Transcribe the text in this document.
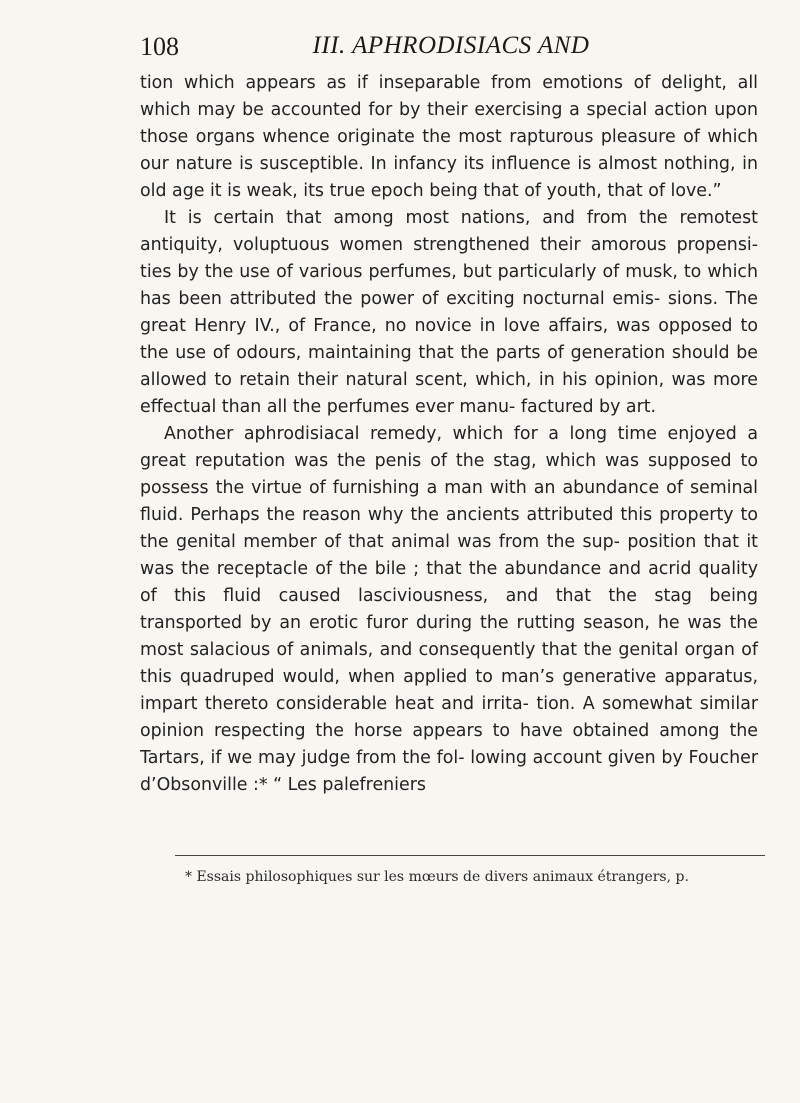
108	III. APHRODISIACS AND

tion which appears as if inseparable from emotions of delight, all which may be accounted for by their exercising a special action upon those organs whence originate the most rapturous pleasure of which our nature is susceptible. In infancy its influence is almost nothing, in old age it is weak, its true epoch being that of youth, that of love.”

It is certain that among most nations, and from the remotest antiquity, voluptuous women strengthened their amorous propensi- ties by the use of various perfumes, but particularly of musk, to which has been attributed the power of exciting nocturnal emis- sions. The great Henry IV., of France, no novice in love affairs, was opposed to the use of odours, maintaining that the parts of generation should be allowed to retain their natural scent, which, in his opinion, was more effectual than all the perfumes ever manu- factured by art.

Another aphrodisiacal remedy, which for a long time enjoyed a great reputation was the penis of the stag, which was supposed to possess the virtue of furnishing a man with an abundance of seminal fluid. Perhaps the reason why the ancients attributed this property to the genital member of that animal was from the sup- position that it was the receptacle of the bile ; that the abundance and acrid quality of this fluid caused lasciviousness, and that the stag being transported by an erotic furor during the rutting season, he was the most salacious of animals, and consequently that the genital organ of this quadruped would, when applied to man’s generative apparatus, impart thereto considerable heat and irrita- tion. A somewhat similar opinion respecting the horse appears to have obtained among the Tartars, if we may judge from the fol- lowing account given by Foucher d’Obsonville :* “ Les palefreniers

* Essais philosophiques sur les mœurs de divers animaux étrangers, p.
